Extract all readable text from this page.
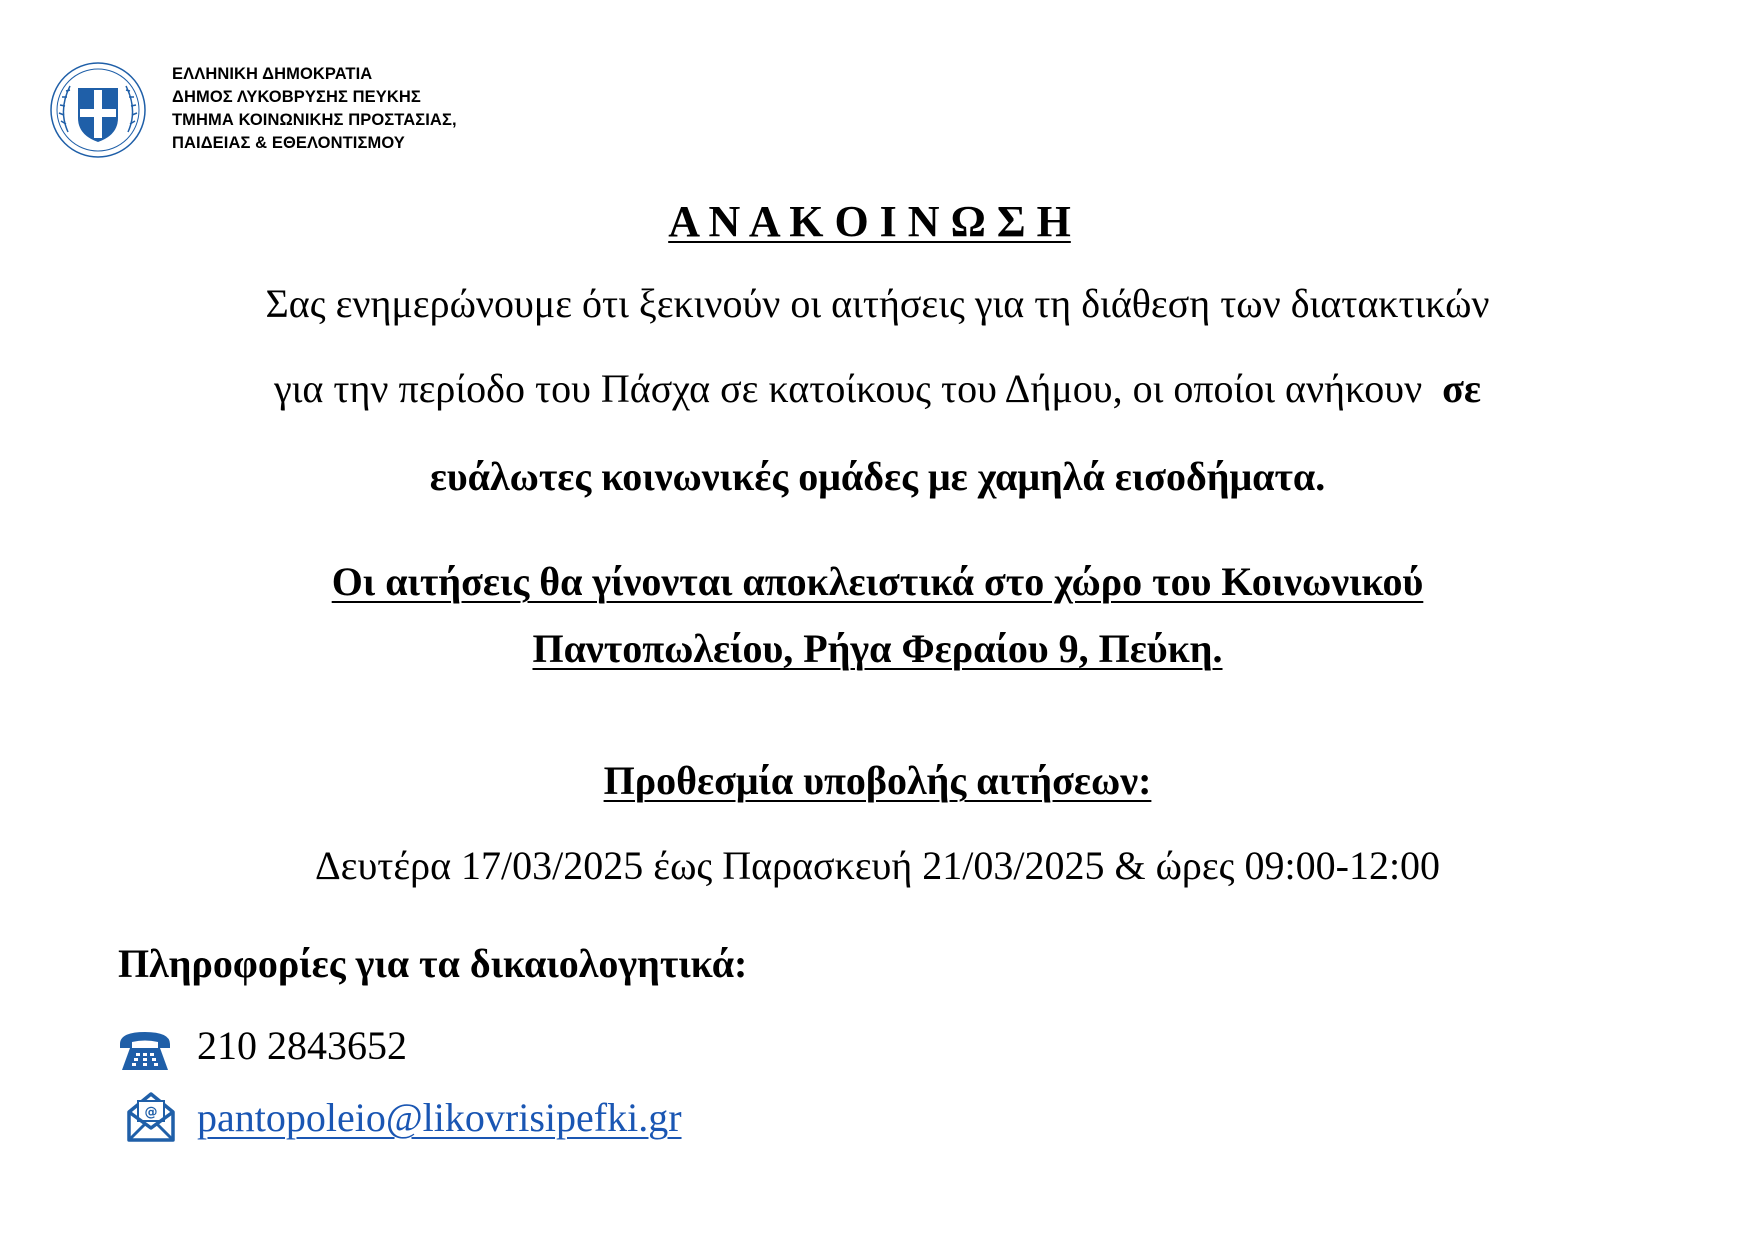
ΕΛΛΗΝΙΚΗ ΔΗΜΟΚΡΑΤΙΑ
ΔΗΜΟΣ ΛΥΚΟΒΡΥΣΗΣ ΠΕΥΚΗΣ
ΤΜΗΜΑ ΚΟΙΝΩΝΙΚΗΣ ΠΡΟΣΤΑΣΙΑΣ,
ΠΑΙΔΕΙΑΣ & ΕΘΕΛΟΝΤΙΣΜΟΥ
Α Ν Α Κ Ο Ι Ν Ω Σ Η
Σας ενημερώνουμε ότι ξεκινούν οι αιτήσεις για τη διάθεση των διατακτικών
για την περίοδο του Πάσχα σε κατοίκους του Δήμου, οι οποίοι ανήκουν  σε
ευάλωτες κοινωνικές ομάδες με χαμηλά εισοδήματα.
Οι αιτήσεις θα γίνονται αποκλειστικά στο χώρο του Κοινωνικού
Παντοπωλείου, Ρήγα Φεραίου 9, Πεύκη.
Προθεσμία υποβολής αιτήσεων:
Δευτέρα 17/03/2025 έως Παρασκευή 21/03/2025 & ώρες 09:00-12:00
Πληροφορίες για τα δικαιολογητικά:
210 2843652
@ pantopoleio@likovrisipefki.gr
